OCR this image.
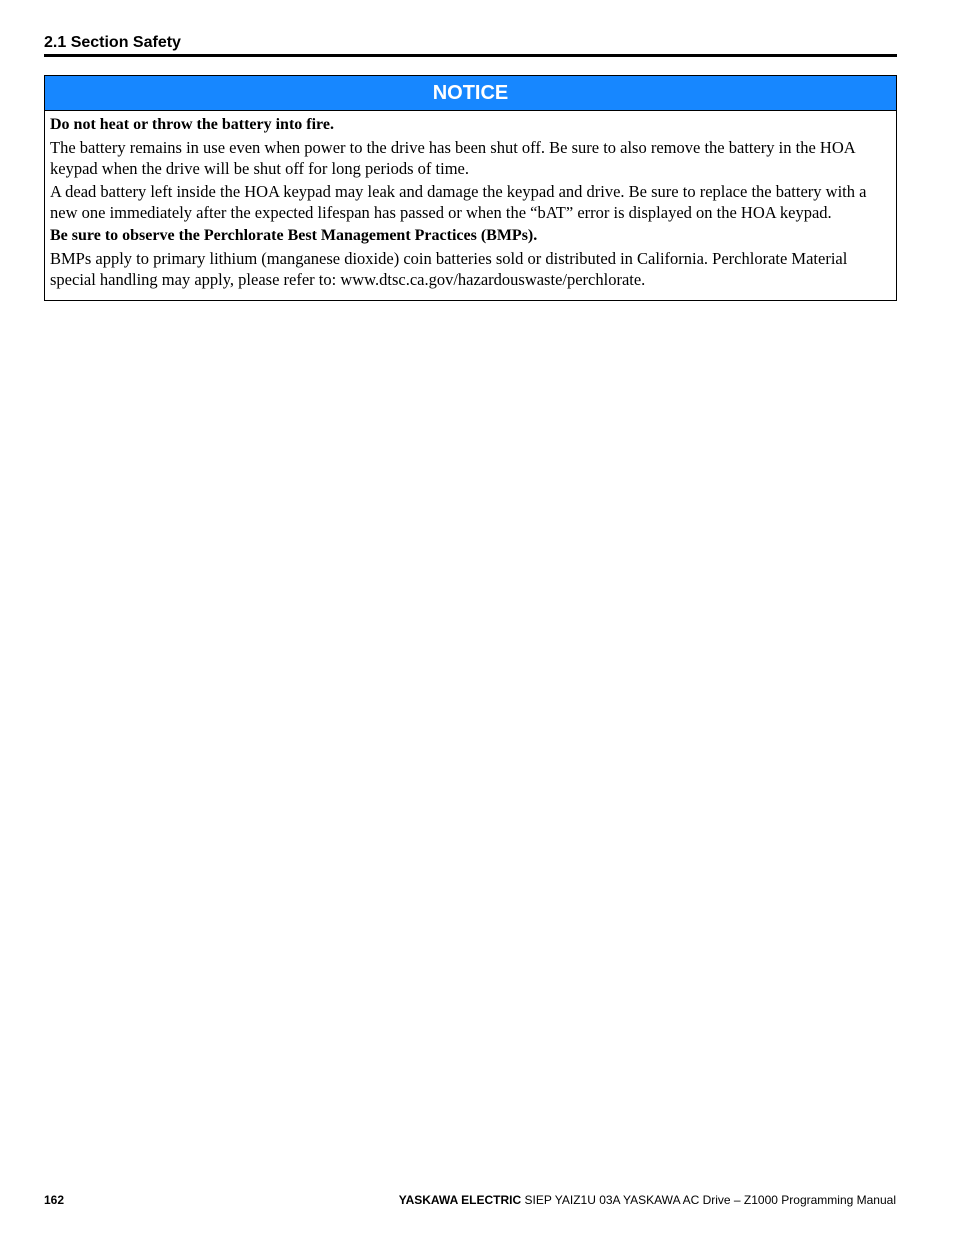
2.1 Section Safety
NOTICE

Do not heat or throw the battery into fire.

The battery remains in use even when power to the drive has been shut off. Be sure to also remove the battery in the HOA keypad when the drive will be shut off for long periods of time.

A dead battery left inside the HOA keypad may leak and damage the keypad and drive. Be sure to replace the battery with a new one immediately after the expected lifespan has passed or when the “bAT” error is displayed on the HOA keypad.

Be sure to observe the Perchlorate Best Management Practices (BMPs).

BMPs apply to primary lithium (manganese dioxide) coin batteries sold or distributed in California. Perchlorate Material special handling may apply, please refer to: www.dtsc.ca.gov/hazardouswaste/perchlorate.

162	YASKAWA ELECTRIC SIEP YAIZ1U 03A YASKAWA AC Drive – Z1000 Programming Manual
